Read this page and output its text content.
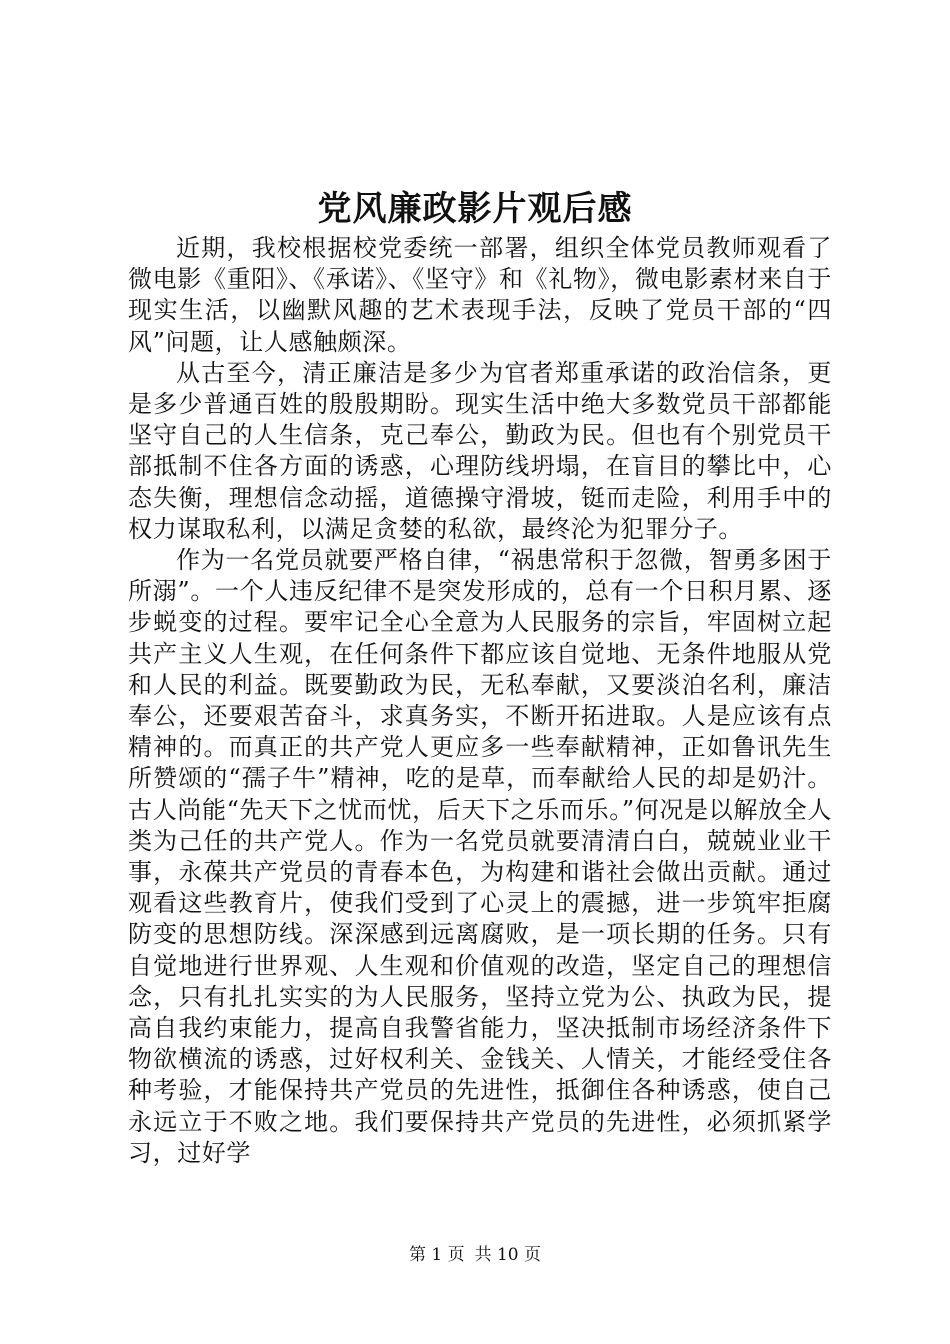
党风廉政影片观后感

近期，我校根据校党委统一部署，组织全体党员教师观看了微电影《重阳》、《承诺》、《坚守》和《礼物》，微电影素材来自于现实生活，以幽默风趣的艺术表现手法，反映了党员干部的“四风”问题，让人感触颇深。

从古至今，清正廉洁是多少为官者郑重承诺的政治信条，更是多少普通百姓的殷殷期盼。现实生活中绝大多数党员干部都能坚守自己的人生信条，克己奉公，勤政为民。但也有个别党员干部抵制不住各方面的诱惑，心理防线坍塌，在盲目的攀比中，心态失衡，理想信念动摇，道德操守滑坡，铤而走险，利用手中的权力谋取私利，以满足贪婪的私欲，最终沦为犯罪分子。

作为一名党员就要严格自律，“祸患常积于忽微，智勇多困于所溺”。一个人违反纪律不是突发形成的，总有一个日积月累、逐步蜕变的过程。要牢记全心全意为人民服务的宗旨，牢固树立起共产主义人生观，在任何条件下都应该自觉地、无条件地服从党和人民的利益。既要勤政为民，无私奉献，又要淡泊名利，廉洁奉公，还要艰苦奋斗，求真务实，不断开拓进取。人是应该有点精神的。而真正的共产党人更应多一些奉献精神，正如鲁讯先生所赞颂的“孺子牛”精神，吃的是草，而奉献给人民的却是奶汁。古人尚能“先天下之忧而忧，后天下之乐而乐。”何况是以解放全人类为己任的共产党人。作为一名党员就要清清白白，兢兢业业干事，永葆共产党员的青春本色，为构建和谐社会做出贡献。通过观看这些教育片，使我们受到了心灵上的震撼，进一步筑牢拒腐防变的思想防线。深深感到远离腐败，是一项长期的任务。只有自觉地进行世界观、人生观和价值观的改造，坚定自己的理想信念，只有扎扎实实的为人民服务，坚持立党为公、执政为民，提高自我约束能力，提高自我警省能力，坚决抵制市场经济条件下物欲横流的诱惑，过好权利关、金钱关、人情关，才能经受住各种考验，才能保持共产党员的先进性，抵御住各种诱惑，使自己永远立于不败之地。我们要保持共产党员的先进性，必须抓紧学习，过好学

第 1 页 共 10 页
